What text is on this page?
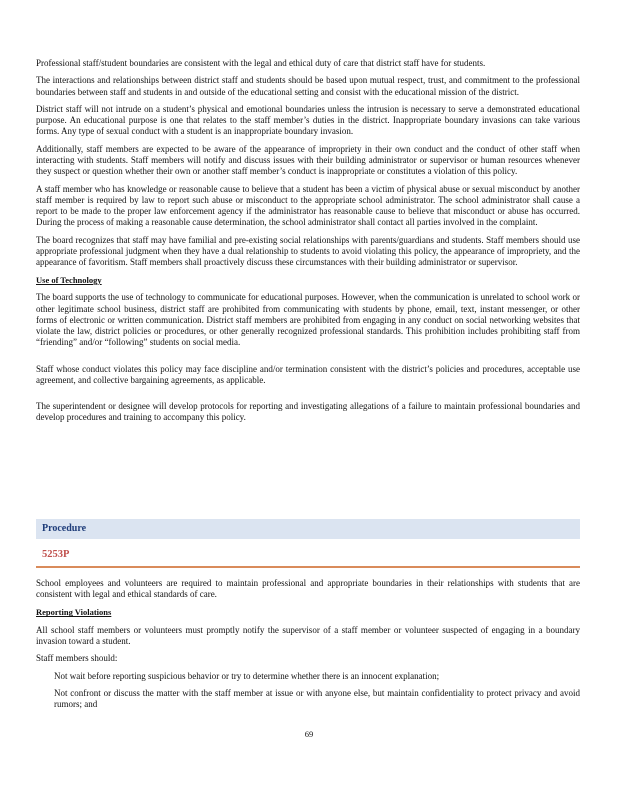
Professional staff/student boundaries are consistent with the legal and ethical duty of care that district staff have for students.

The interactions and relationships between district staff and students should be based upon mutual respect, trust, and commitment to the professional boundaries between staff and students in and outside of the educational setting and consist with the educational mission of the district.

District staff will not intrude on a student’s physical and emotional boundaries unless the intrusion is necessary to serve a demonstrated educational purpose. An educational purpose is one that relates to the staff member’s duties in the district. Inappropriate boundary invasions can take various forms. Any type of sexual conduct with a student is an inappropriate boundary invasion.

Additionally, staff members are expected to be aware of the appearance of impropriety in their own conduct and the conduct of other staff when interacting with students. Staff members will notify and discuss issues with their building administrator or supervisor or human resources whenever they suspect or question whether their own or another staff member’s conduct is inappropriate or constitutes a violation of this policy.

A staff member who has knowledge or reasonable cause to believe that a student has been a victim of physical abuse or sexual misconduct by another staff member is required by law to report such abuse or misconduct to the appropriate school administrator. The school administrator shall cause a report to be made to the proper law enforcement agency if the administrator has reasonable cause to believe that misconduct or abuse has occurred. During the process of making a reasonable cause determination, the school administrator shall contact all parties involved in the complaint.

The board recognizes that staff may have familial and pre-existing social relationships with parents/guardians and students. Staff members should use appropriate professional judgment when they have a dual relationship to students to avoid violating this policy, the appearance of impropriety, and the appearance of favoritism. Staff members shall proactively discuss these circumstances with their building administrator or supervisor.

Use of Technology

The board supports the use of technology to communicate for educational purposes. However, when the communication is unrelated to school work or other legitimate school business, district staff are prohibited from communicating with students by phone, email, text, instant messenger, or other forms of electronic or written communication. District staff members are prohibited from engaging in any conduct on social networking websites that violate the law, district policies or procedures, or other generally recognized professional standards. This prohibition includes prohibiting staff from “friending” and/or “following” students on social media.

Staff whose conduct violates this policy may face discipline and/or termination consistent with the district’s policies and procedures, acceptable use agreement, and collective bargaining agreements, as applicable.

The superintendent or designee will develop protocols for reporting and investigating allegations of a failure to maintain professional boundaries and develop procedures and training to accompany this policy.

Procedure
5253P

School employees and volunteers are required to maintain professional and appropriate boundaries in their relationships with students that are consistent with legal and ethical standards of care.

Reporting Violations

All school staff members or volunteers must promptly notify the supervisor of a staff member or volunteer suspected of engaging in a boundary invasion toward a student.

Staff members should:

Not wait before reporting suspicious behavior or try to determine whether there is an innocent explanation;
Not confront or discuss the matter with the staff member at issue or with anyone else, but maintain confidentiality to protect privacy and avoid rumors; and
69
